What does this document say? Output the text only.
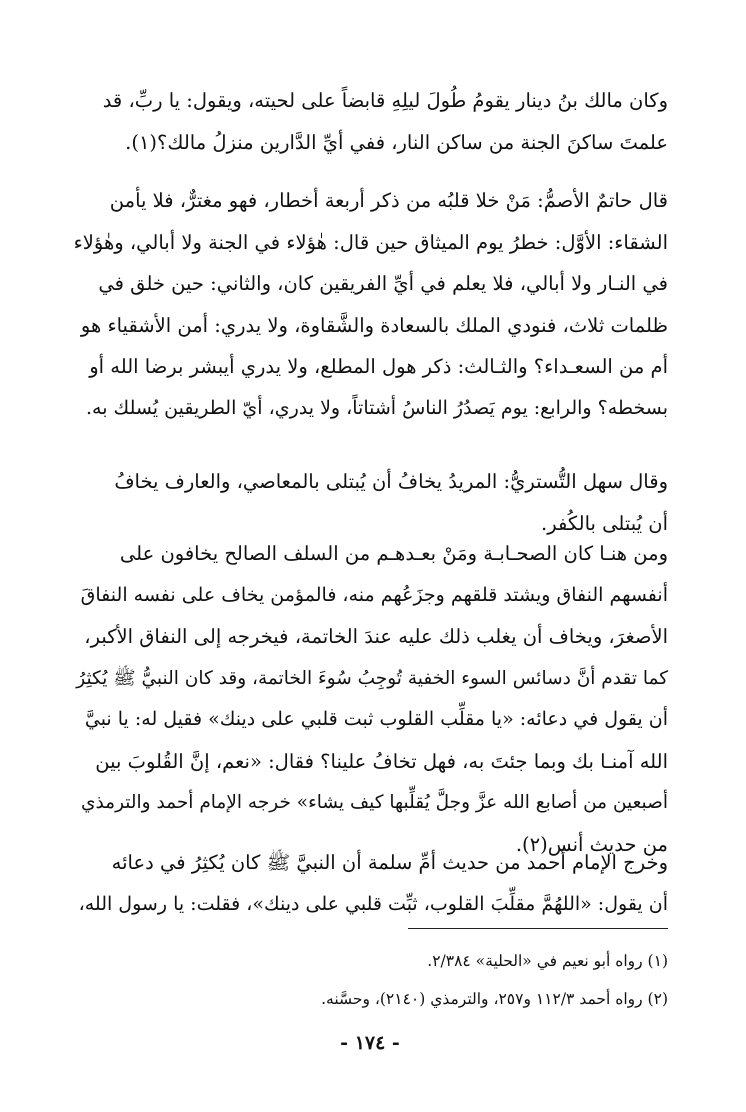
وكان مالك بنُ دينار يقومُ طُولَ ليلِهِ قابضاً على لحيته، ويقول: يا ربِّ، قد
علمتَ ساكنَ الجنة من ساكن النار، ففي أيِّ الدَّارين منزلُ مالك؟(١).
قال حاتمٌ الأصمُّ: مَنْ خلا قلبُه من ذكر أربعة أخطار، فهو مغترٌّ، فلا يأمن
الشقاء: الأوَّل: خطرُ يوم الميثاق حين قال: هٰؤلاء في الجنة ولا أبالي، وهٰؤلاء
في النـار ولا أبالي، فلا يعلم في أيِّ الفريقين كان، والثاني: حين خلق في
ظلمات ثلاث، فنودي الملك بالسعادة والشَّقاوة، ولا يدري: أمن الأشقياء هو
أم من السعـداء؟ والثـالث: ذكر هول المطلع، ولا يدري أيبشر برضا الله أو
بسخطه؟ والرابع: يوم يَصدُرُ الناسُ أشتاتاً، ولا يدري، أيّ الطريقين يُسلك به.
وقال سهل التُّستريُّ: المريدُ يخافُ أن يُبتلى بالمعاصي، والعارف يخافُ
أن يُبتلى بالكُفر.
ومن هنـا كان الصحـابـة ومَنْ بعـدهـم من السلف الصالح يخافون على
أنفسهم النفاق ويشتد قلقهم وجزَعُهم منه، فالمؤمن يخاف على نفسه النفاقَ
الأصغرَ، ويخاف أن يغلب ذلك عليه عندَ الخاتمة، فيخرجه إلى النفاق الأكبر،
كما تقدم أنَّ دسائس السوء الخفية تُوجِبُ سُوءَ الخاتمة، وقد كان النبيُّ ﷺ يُكثِرُ
أن يقول في دعائه: «يا مقلِّب القلوب ثبت قلبي على دينك» فقيل له: يا نبيَّ
الله آمنـا بك وبما جئتَ به، فهل تخافُ علينا؟ فقال: «نعم، إنَّ القُلوبَ بين
أصبعين من أصابع الله عزَّ وجلَّ يُقلِّبها كيف يشاء» خرجه الإمام أحمد والترمذي
من حديث أنس(٢).
وخرج الإمام أحمد من حديث أمِّ سلمة أن النبيَّ ﷺ كان يُكثِرُ في دعائه
أن يقول: «اللهُمَّ مقلِّبَ القلوب، ثبِّت قلبي على دينك»، فقلت: يا رسول الله،
(١) رواه أبو نعيم في «الحلية» ٢/٣٨٤.
(٢) رواه أحمد ١١٢/٣ و٢٥٧، والترمذي (٢١٤٠)، وحسَّنه.
- ١٧٤ -
